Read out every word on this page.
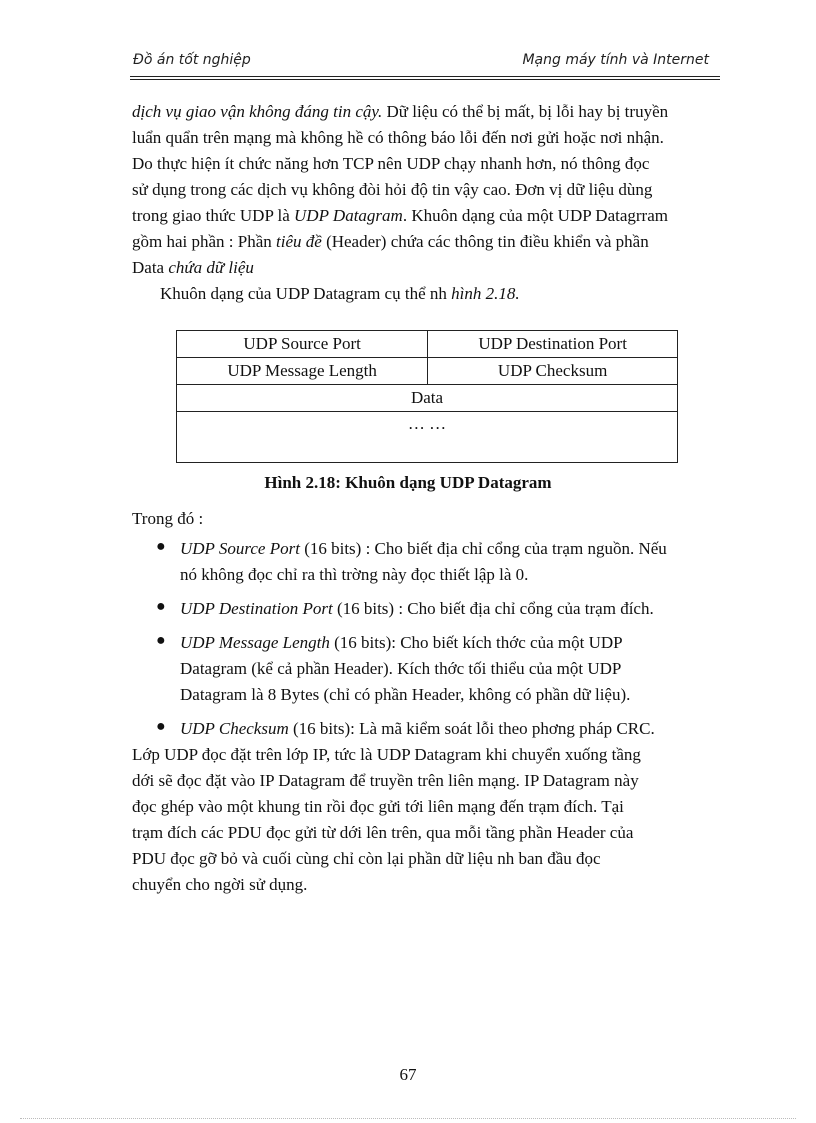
Đồ án tốt nghiệp	Mạng máy tính và Internet
dịch vụ giao vận không đáng tin cậy. Dữ liệu có thể bị mất, bị lỗi hay bị truyền
luẩn quẩn trên mạng mà không hề có thông báo lỗi đến nơi gửi hoặc nơi nhận.
Do thực hiện ít chức năng hơn TCP nên UDP chạy nhanh hơn, nó thông đọc
sử dụng trong các dịch vụ không đòi hỏi độ tin vậy cao. Đơn vị dữ liệu dùng
trong giao thức UDP là UDP Datagram. Khuôn dạng của một UDP Datagrram
gồm hai phần : Phần tiêu đề (Header) chứa các thông tin điều khiển và phần
Data chứa dữ liệu
Khuôn dạng của UDP Datagram cụ thể nh hình 2.18.
UDP Source Port	UDP Destination Port
UDP Message Length	UDP Checksum
Data	
… …	
Hình 2.18: Khuôn dạng UDP Datagram
Trong đó :
● UDP Source Port (16 bits) : Cho biết địa chỉ cổng của trạm nguồn. Nếu
nó không đọc chỉ ra thì trờng này đọc thiết lập là 0.
● UDP Destination Port (16 bits) : Cho biết địa chỉ cổng của trạm đích.
● UDP Message Length (16 bits): Cho biết kích thớc của một UDP
Datagram (kể cả phần Header). Kích thớc tối thiểu của một UDP
Datagram là 8 Bytes (chỉ có phần Header, không có phần dữ liệu).
● UDP Checksum (16 bits): Là mã kiểm soát lỗi theo phơng pháp CRC.
Lớp UDP đọc đặt trên lớp IP, tức là UDP Datagram khi chuyển xuống tầng
dới sẽ đọc đặt vào IP Datagram để truyền trên liên mạng. IP Datagram này
đọc ghép vào một khung tin rồi đọc gửi tới liên mạng đến trạm đích. Tại
trạm đích các PDU đọc gửi từ dới lên trên, qua mỗi tầng phần Header của
PDU đọc gỡ bỏ và cuối cùng chỉ còn lại phần dữ liệu nh ban đầu đọc
chuyển cho ngời sử dụng.
67
